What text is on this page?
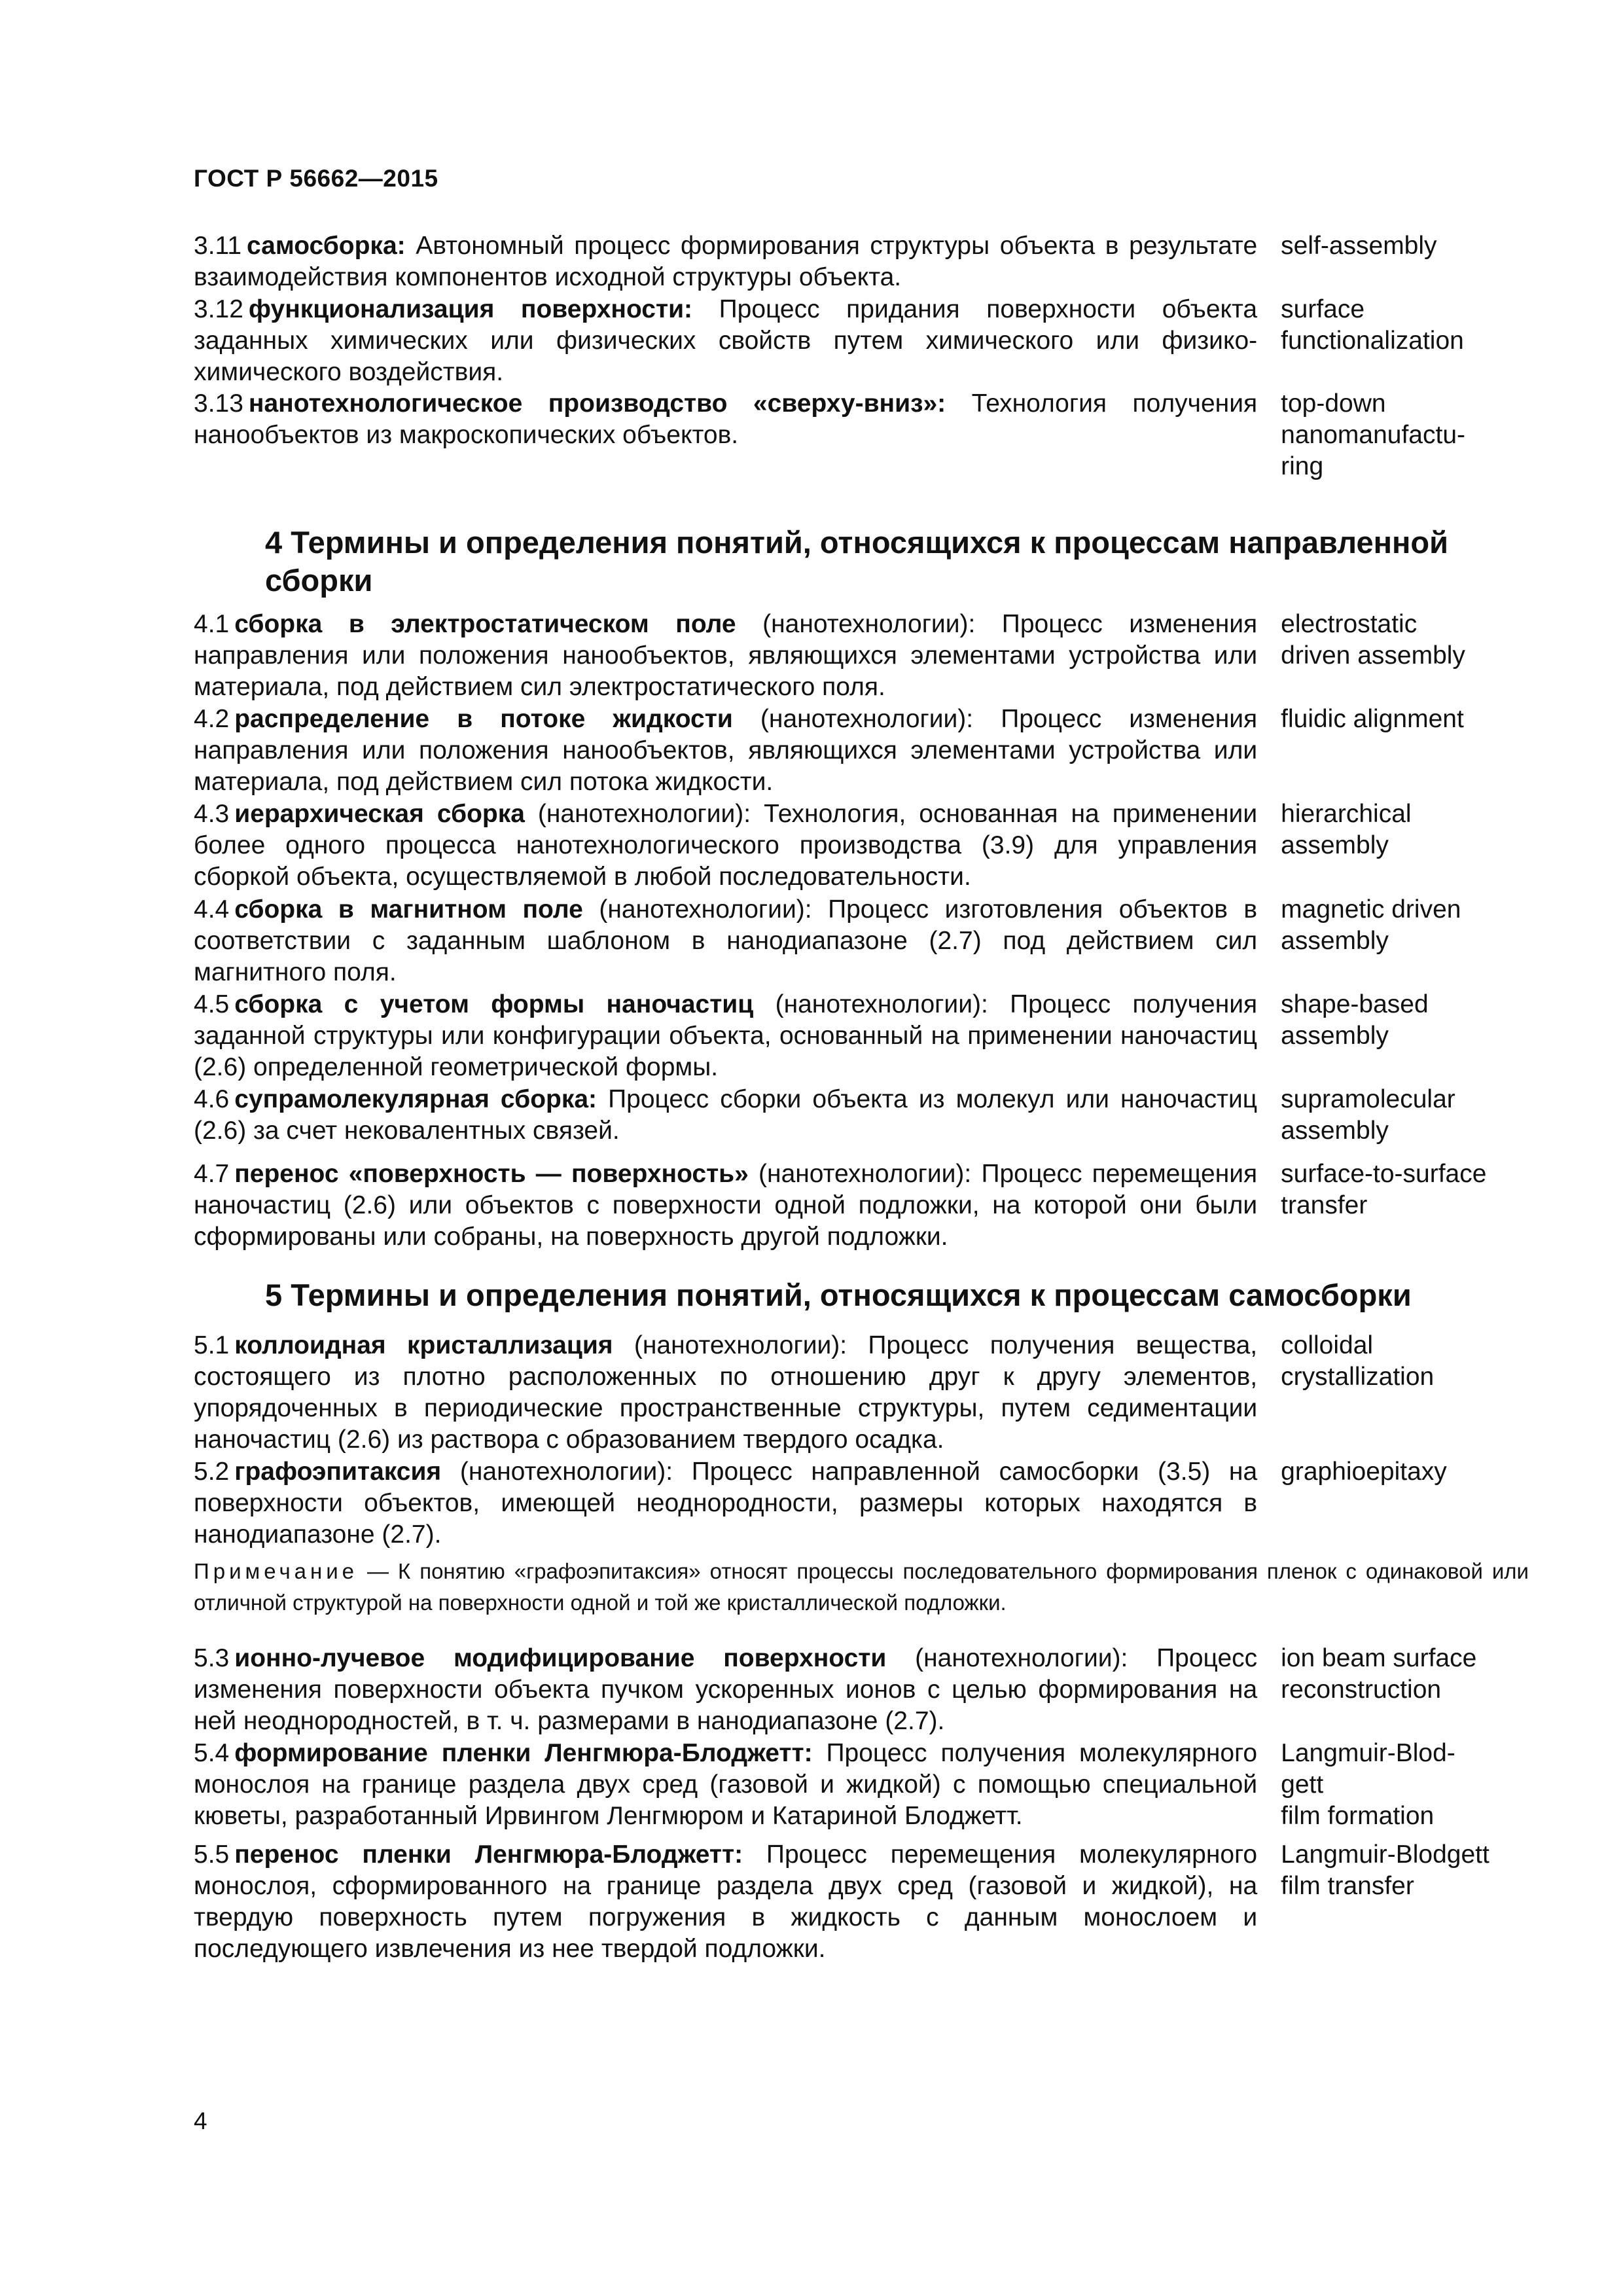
ГОСТ Р 56662—2015
3.11 самосборка: Автономный процесс формирования структуры объекта в результате взаимодействия компонентов исходной структуры объекта.
self-assembly
3.12 функционализация поверхности: Процесс придания поверхности объекта заданных химических или физических свойств путем химического или физико-химического воздействия.
surface
functionalization
3.13 нанотехнологическое производство «сверху-вниз»: Технология получения нанообъектов из макроскопических объектов.
top-down
nanomanufactu-
ring
4 Термины и определения понятий, относящихся к процессам направленной сборки
4.1 сборка в электростатическом поле (нанотехнологии): Процесс изменения направления или положения нанообъектов, являющихся элементами устройства или материала, под действием сил электростатического поля.
electrostatic
driven assembly
4.2 распределение в потоке жидкости (нанотехнологии): Процесс изменения направления или положения нанообъектов, являющихся элементами устройства или материала, под действием сил потока жидкости.
fluidic alignment
4.3 иерархическая сборка (нанотехнологии): Технология, основанная на применении более одного процесса нанотехнологического производства (3.9) для управления сборкой объекта, осуществляемой в любой последовательности.
hierarchical
assembly
4.4 сборка в магнитном поле (нанотехнологии): Процесс изготовления объектов в соответствии с заданным шаблоном в нанодиапазоне (2.7) под действием сил магнитного поля.
magnetic driven
assembly
4.5 сборка с учетом формы наночастиц (нанотехнологии): Процесс получения заданной структуры или конфигурации объекта, основанный на применении наночастиц (2.6) определенной геометрической формы.
shape-based
assembly
4.6 супрамолекулярная сборка: Процесс сборки объекта из молекул или наночастиц (2.6) за счет нековалентных связей.
supramolecular
assembly
4.7 перенос «поверхность — поверхность» (нанотехнологии): Процесс перемещения наночастиц (2.6) или объектов с поверхности одной подложки, на которой они были сформированы или собраны, на поверхность другой подложки.
surface-to-surface
transfer
5 Термины и определения понятий, относящихся к процессам самосборки
5.1 коллоидная кристаллизация (нанотехнологии): Процесс получения вещества, состоящего из плотно расположенных по отношению друг к другу элементов, упорядоченных в периодические пространственные структуры, путем седиментации наночастиц (2.6) из раствора с образованием твердого осадка.
colloidal
crystallization
5.2 графоэпитаксия (нанотехнологии): Процесс направленной самосборки (3.5) на поверхности объектов, имеющей неоднородности, размеры которых находятся в нанодиапазоне (2.7).
graphioepitaxy
Примечание — К понятию «графоэпитаксия» относят процессы последовательного формирования пленок с одинаковой или отличной структурой на поверхности одной и той же кристаллической подложки.
5.3 ионно-лучевое модифицирование поверхности (нанотехнологии): Процесс изменения поверхности объекта пучком ускоренных ионов с целью формирования на ней неоднородностей, в т. ч. размерами в нанодиапазоне (2.7).
ion beam surface
reconstruction
5.4 формирование пленки Ленгмюра-Блоджетт: Процесс получения молекулярного монослоя на границе раздела двух сред (газовой и жидкой) с помощью специальной кюветы, разработанный Ирвингом Ленгмюром и Катариной Блоджетт.
Langmuir-Blod-
gett
film formation
5.5 перенос пленки Ленгмюра-Блоджетт: Процесс перемещения молекулярного монослоя, сформированного на границе раздела двух сред (газовой и жидкой), на твердую поверхность путем погружения в жидкость с данным монослоем и последующего извлечения из нее твердой подложки.
Langmuir-Blodgett
film transfer
4
